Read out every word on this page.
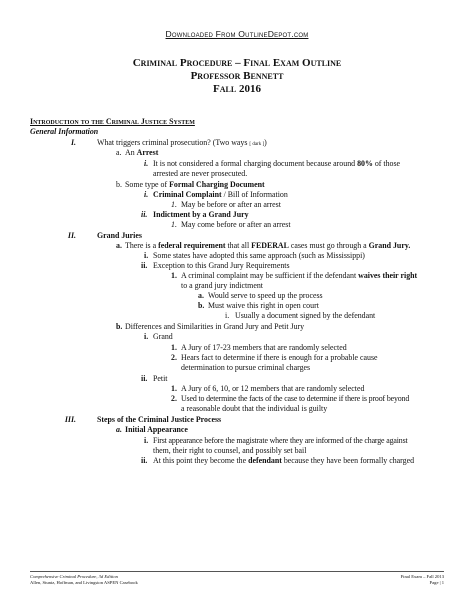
Downloaded From OutlineDepot.com
Criminal Procedure – Final Exam Outline
Professor Bennett
Fall 2016
Introduction to the Criminal Justice System
General Information
I.	What triggers criminal prosecution? (Two ways [ dark ])
a. An Arrest
i. It is not considered a formal charging document because around 80% of those
arrested are never prosecuted.
b. Some type of Formal Charging Document
i. Criminal Complaint / Bill of Information
1. May be before or after an arrest
ii. Indictment by a Grand Jury
1. May come before or after an arrest
II.	Grand Juries
a. There is a federal requirement that all FEDERAL cases must go through a Grand Jury.
i. Some states have adopted this same approach (such as Mississippi)
ii. Exception to this Grand Jury Requirements
1. A criminal complaint may be sufficient if the defendant waives their right
to a grand jury indictment
a. Would serve to speed up the process
b. Must waive this right in open court
i. Usually a document signed by the defendant
b. Differences and Similarities in Grand Jury and Petit Jury
i. Grand
1. A Jury of 17-23 members that are randomly selected
2. Hears fact to determine if there is enough for a probable cause
determination to pursue criminal charges
ii. Petit
1. A Jury of 6, 10, or 12 members that are randomly selected
2. Used to determine the facts of the case to determine if there is proof beyond
a reasonable doubt that the individual is guilty
III.	Steps of the Criminal Justice Process
a. Initial Appearance
i. First appearance before the magistrate where they are informed of the charge against
them, their right to counsel, and possibly set bail
ii. At this point they become the defendant because they have been formally charged
Comprehensive Criminal Procedure, 3d Edition
Allen, Stuntz, Hoffman, and Livingston ASPEN Casebook
Final Exam – Fall 2013
Page | 1
